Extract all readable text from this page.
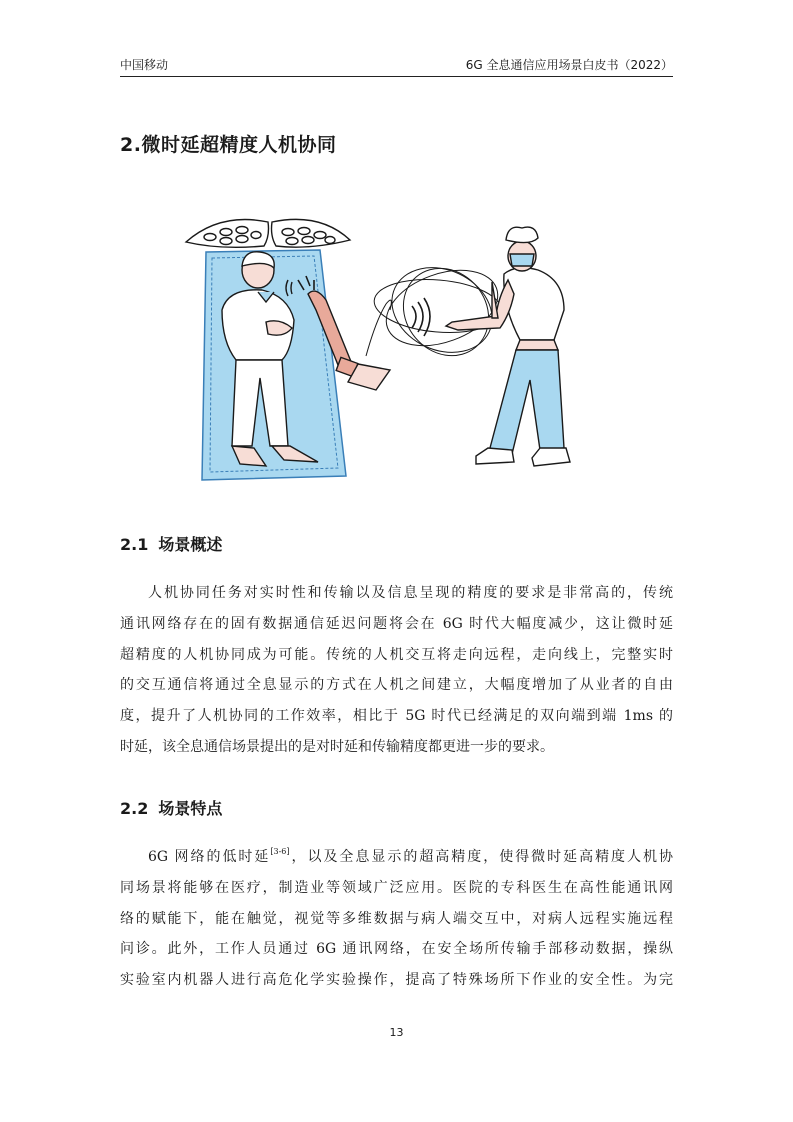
中国移动	6G 全息通信应用场景白皮书（2022）
2.微时延超精度人机协同
2.1 场景概述

人机协同任务对实时性和传输以及信息呈现的精度的要求是非常高的，传统
通讯网络存在的固有数据通信延迟问题将会在 6G 时代大幅度减少，这让微时延
超精度的人机协同成为可能。传统的人机交互将走向远程，走向线上，完整实时
的交互通信将通过全息显示的方式在人机之间建立，大幅度增加了从业者的自由
度，提升了人机协同的工作效率，相比于 5G 时代已经满足的双向端到端 1ms 的
时延，该全息通信场景提出的是对时延和传输精度都更进一步的要求。

2.2 场景特点

6G 网络的低时延[3-6]，以及全息显示的超高精度，使得微时延高精度人机协
同场景将能够在医疗，制造业等领域广泛应用。医院的专科医生在高性能通讯网
络的赋能下，能在触觉，视觉等多维数据与病人端交互中，对病人远程实施远程
问诊。此外，工作人员通过 6G 通讯网络，在安全场所传输手部移动数据，操纵
实验室内机器人进行高危化学实验操作，提高了特殊场所下作业的安全性。为完

13
